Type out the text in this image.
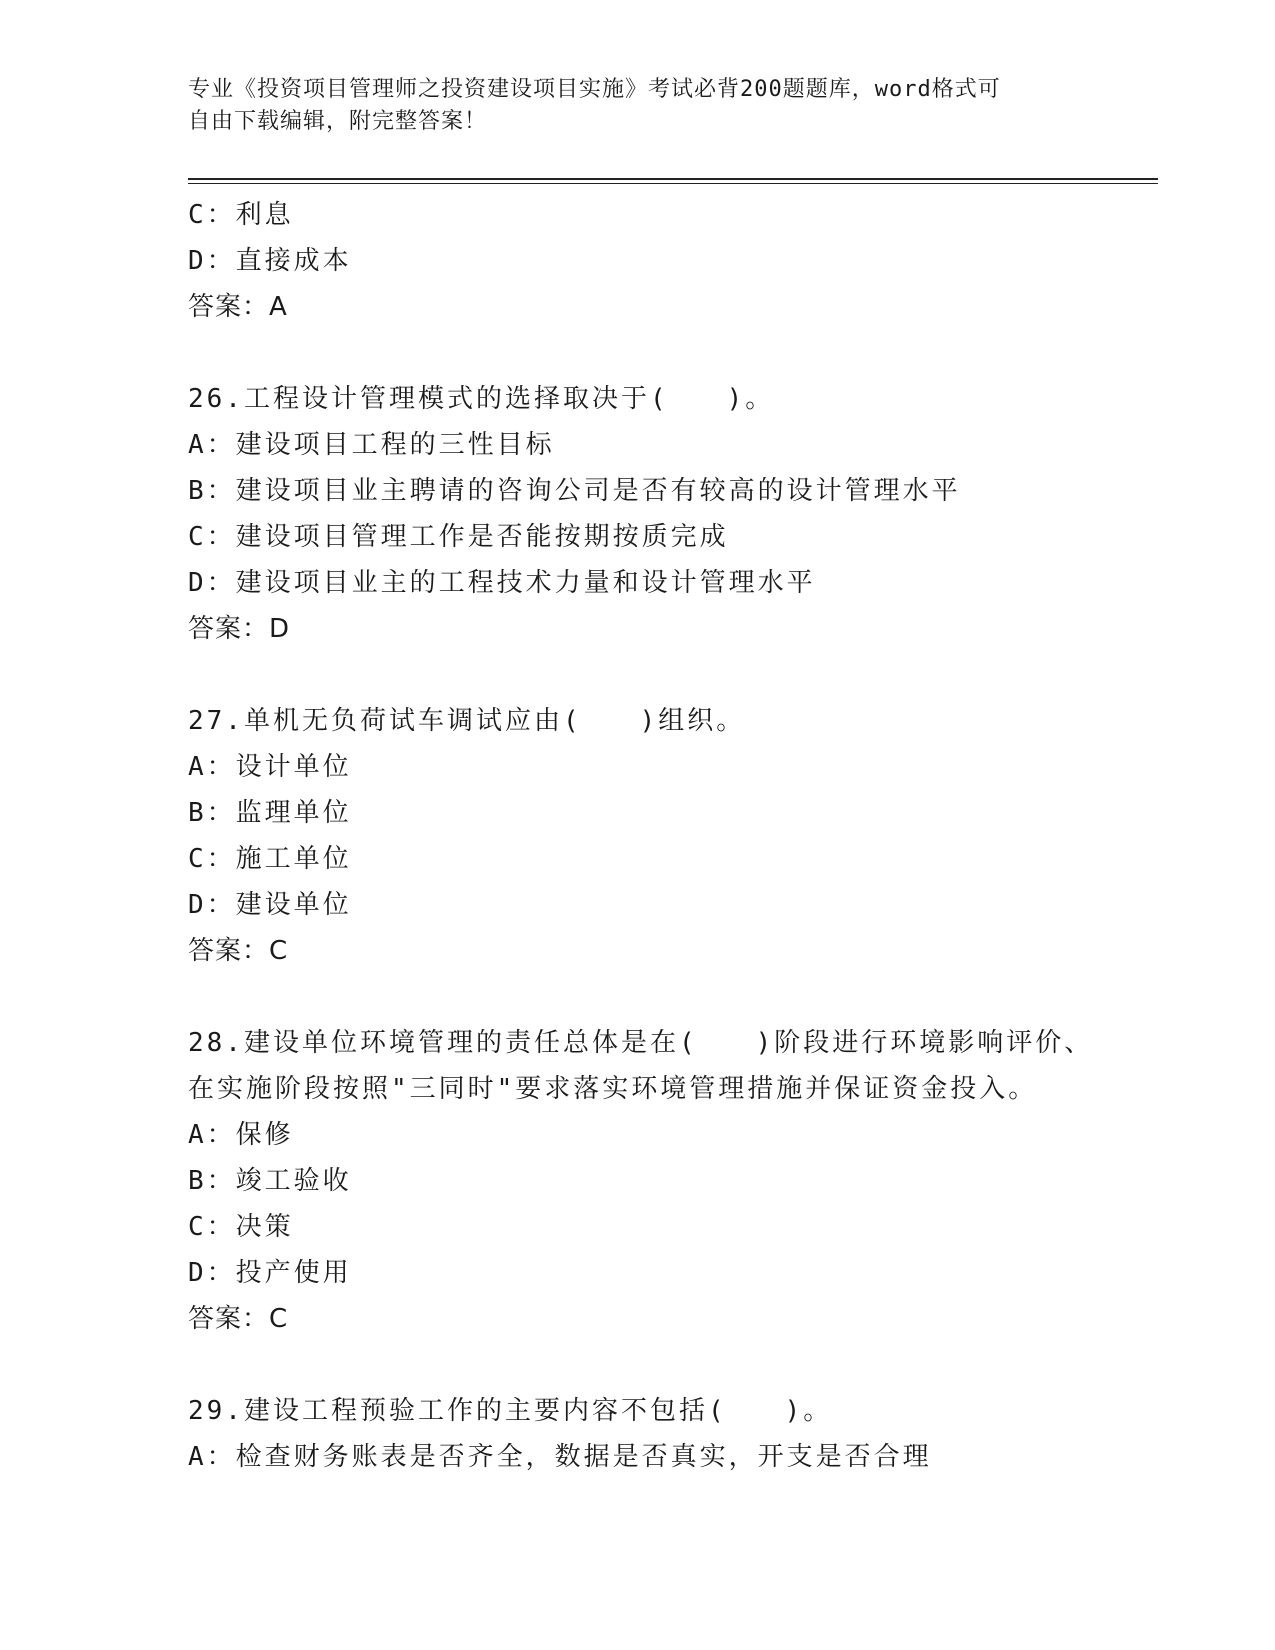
专业《投资项目管理师之投资建设项目实施》考试必背200题题库，word格式可
自由下载编辑，附完整答案！
C：利息
D：直接成本
答案：A
26.工程设计管理模式的选择取决于(　　)。
A：建设项目工程的三性目标
B：建设项目业主聘请的咨询公司是否有较高的设计管理水平
C：建设项目管理工作是否能按期按质完成
D：建设项目业主的工程技术力量和设计管理水平
答案：D
27.单机无负荷试车调试应由(　　)组织。
A：设计单位
B：监理单位
C：施工单位
D：建设单位
答案：C
28.建设单位环境管理的责任总体是在(　　)阶段进行环境影响评价、
在实施阶段按照"三同时"要求落实环境管理措施并保证资金投入。
A：保修
B：竣工验收
C：决策
D：投产使用
答案：C
29.建设工程预验工作的主要内容不包括(　　)。
A：检查财务账表是否齐全，数据是否真实，开支是否合理
